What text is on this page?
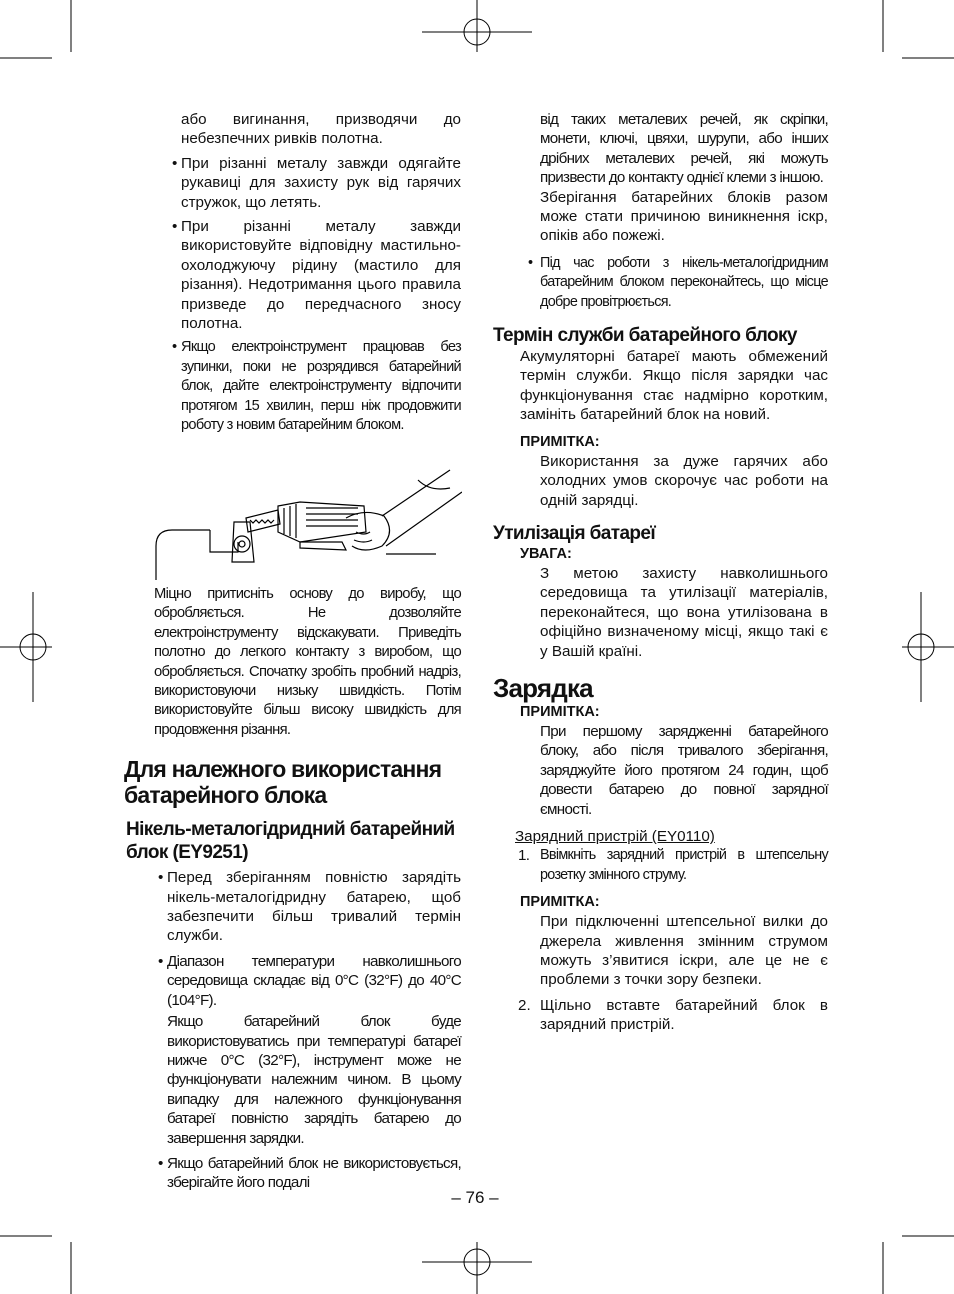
або вигинання, призводячи до небезпечних ривків полотна.

• При різанні металу завжди одягайте рукавиці для захисту рук від гарячих стружок, що летять.

• При різанні металу завжди використовуйте відповідну мастильно-охолоджуючу рідину (мастило для різання). Недотримання цього правила призведе до передчасного зносу полотна.

• Якщо електроінструмент працював без зупинки, поки не розрядився батарейний блок, дайте електроінструменту відпочити протягом 15 хвилин, перш ніж продовжити роботу з новим батарейним блоком.

Міцно притисніть основу до виробу, що обробляється. Не дозволяйте електроінструменту відскакувати. Приведіть полотно до легкого контакту з виробом, що обробляється. Спочатку зробіть пробний надріз, використовуючи низьку швидкість. Потім використовуйте більш високу швидкість для продовження різання.

Для належного використання батарейного блока
Нікель-металогідридний батарейний блок (EY9251)
• Перед зберіганням повністю зарядіть нікель-металогідридну батарею, щоб забезпечити більш тривалий термін служби.

• Діапазон температури навколишнього середовища складає від 0°C (32°F) до 40°C (104°F).

Якщо батарейний блок буде використовуватись при температурі батареї нижче 0°C (32°F), інструмент може не функціонувати належним чином. В цьому випадку для належного функціонування батареї повністю зарядіть батарею до завершення зарядки.

• Якщо батарейний блок не використовується, зберігайте його подалі

від таких металевих речей, як скріпки, монети, ключі, цвяхи, шурупи, або інших дрібних металевих речей, які можуть призвести до контакту однієї клеми з іншою.

Зберігання батарейних блоків разом може стати причиною виникнення іскр, опіків або пожежі.

• Під час роботи з нікель-металогідридним батарейним блоком переконайтесь, що місце добре провітрюється.

Термін служби батарейного блоку

Акумуляторні батареї мають обмежений термін служби. Якщо після зарядки час функціонування стає надмірно коротким, замініть батарейний блок на новий.

ПРИМІТКА:

Використання за дуже гарячих або холодних умов скорочує час роботи на одній зарядці.

Утилізація батареї

УВАГА:

З метою захисту навколишнього середовища та утилізації матеріалів, переконайтеся, що вона утилізована в офіційно визначеному місці, якщо такі є у Вашій країні.

Зарядка

ПРИМІТКА:

При першому зарядженні батарейного блоку, або після тривалого зберігання, заряджуйте його протягом 24 годин, щоб довести батарею до повної зарядної ємності.

Зарядний пристрій (EY0110)

1. Ввімкніть зарядний пристрій в штепсельну розетку змінного струму.

ПРИМІТКА:

При підключенні штепсельної вилки до джерела живлення змінним струмом можуть з’явитися іскри, але це не є проблеми з точки зору безпеки.

2. Щільно вставте батарейний блок в зарядний пристрій.

– 76 –
